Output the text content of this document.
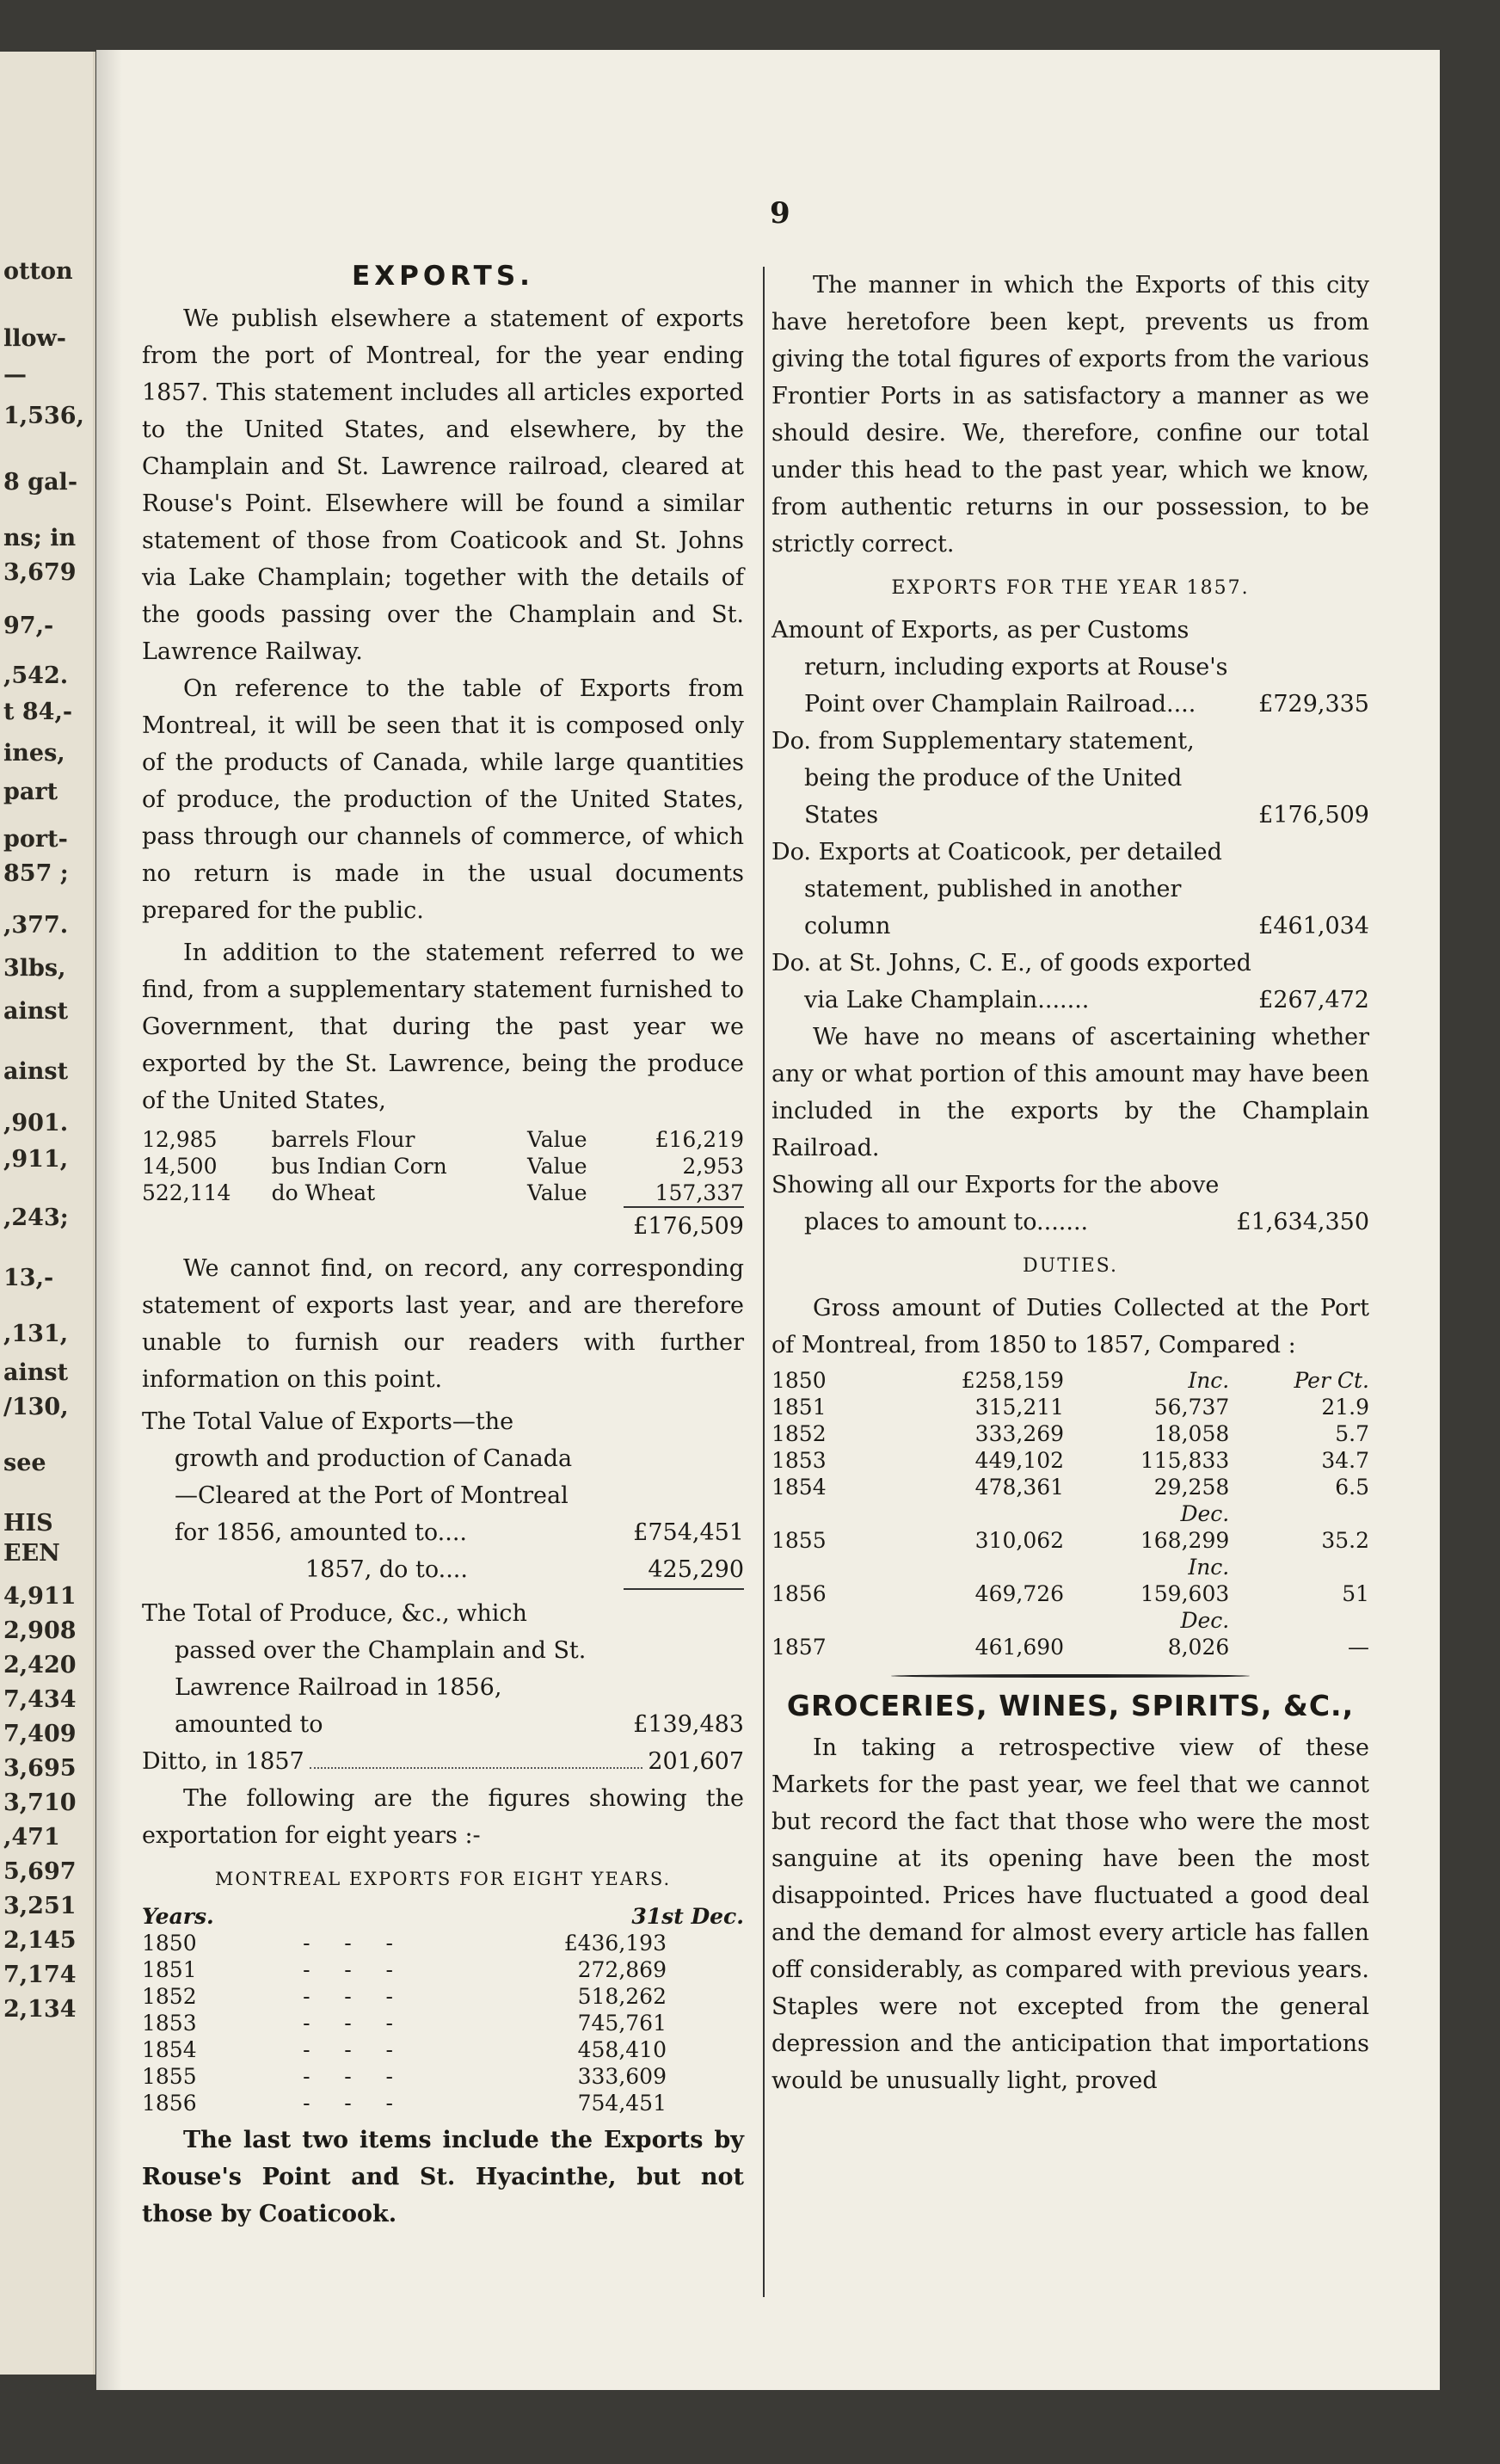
otton
llow-
—
1,536,
8 gal-
ns; in
3,679
97,-
,542.
t 84,-
ines,
part
port-
857 ;
,377.
3lbs,
ainst
ainst
,901.
,911,
,243;
13,-
,131,
ainst
/130,
see
HIS
EEN
4,911
2,908
2,420
7,434
7,409
3,695
3,710
,471
5,697
3,251
2,145
7,174
2,134
9
EXPORTS.

We publish elsewhere a statement of exports from the port of Montreal, for the year ending 1857. This statement includes all articles exported to the United States, and elsewhere, by the Champlain and St. Lawrence railroad, cleared at Rouse's Point. Elsewhere will be found a similar statement of those from Coaticook and St. Johns via Lake Champlain; together with the details of the goods passing over the Champlain and St. Lawrence Railway.

On reference to the table of Exports from Montreal, it will be seen that it is composed only of the products of Canada, while large quantities of produce, the production of the United States, pass through our channels of commerce, of which no return is made in the usual documents prepared for the public.

In addition to the statement referred to we find, from a supplementary statement furnished to Government, that during the past year we exported by the St. Lawrence, being the produce of the United States,

12,985	barrels Flour	Value	£16,219
14,500	bus Indian Corn	Value	2,953
522,114	do Wheat	Value	157,337
£176,509

We cannot find, on record, any corresponding statement of exports last year, and are therefore unable to furnish our readers with further information on this point.

The Total Value of Exports—the growth and production of Canada—Cleared at the Port of Montreal for 1856, amounted to....	£754,451
1857, do to....	425,290

The Total of Produce, &c., which passed over the Champlain and St. Lawrence Railroad in 1856, amounted to	£139,483
Ditto, in 1857	201,607

The following are the figures showing the exportation for eight years :-

MONTREAL EXPORTS FOR EIGHT YEARS.
Years.		31st Dec.
1850	-     -     -	£436,193
1851	-     -     -	272,869
1852	-     -     -	518,262
1853	-     -     -	745,761
1854	-     -     -	458,410
1855	-     -     -	333,609
1856	-     -     -	754,451

The last two items include the Exports by Rouse's Point and St. Hyacinthe, but not those by Coaticook.

The manner in which the Exports of this city have heretofore been kept, prevents us from giving the total figures of exports from the various Frontier Ports in as satisfactory a manner as we should desire. We, therefore, confine our total under this head to the past year, which we know, from authentic returns in our possession, to be strictly correct.

EXPORTS FOR THE YEAR 1857.

Amount of Exports, as per Customs return, including exports at Rouse's Point over Champlain Railroad....	£729,335

Do. from Supplementary statement, being the produce of the United States	£176,509

Do. Exports at Coaticook, per detailed statement, published in another column	£461,034

Do. at St. Johns, C. E., of goods exported via Lake Champlain.......	£267,472

We have no means of ascertaining whether any or what portion of this amount may have been included in the exports by the Champlain Railroad.

Showing all our Exports for the above places to amount to.......	£1,634,350
DUTIES.

Gross amount of Duties Collected at the Port of Montreal, from 1850 to 1857, Compared :

1850	£258,159	Inc.	Per Ct.
1851	315,211	56,737	21.9
1852	333,269	18,058	5.7
1853	449,102	115,833	34.7
1854	478,361	29,258	6.5
		Dec.	
1855	310,062	168,299	35.2
		Inc.	
1856	469,726	159,603	51
		Dec.	
1857	461,690	8,026	—
GROCERIES, WINES, SPIRITS, &C.,

In taking a retrospective view of these Markets for the past year, we feel that we cannot but record the fact that those who were the most sanguine at its opening have been the most disappointed. Prices have fluctuated a good deal and the demand for almost every article has fallen off considerably, as compared with previous years. Staples were not excepted from the general depression and the anticipation that importations would be unusually light, proved
